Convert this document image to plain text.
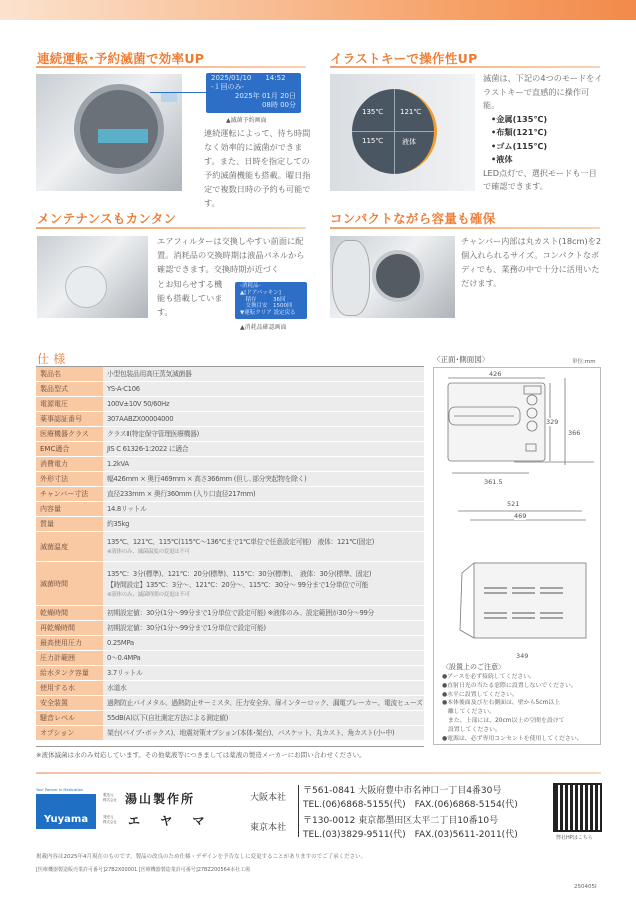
連続運転･予約滅菌で効率UP
2025/01/10　　14:52
-１回のみ-
2025年 01月 20日
08時 00分
▲滅菌予約画面
連続運転によって、待ち時間なく効率的に滅菌ができます。また、日時を指定しての予約滅菌機能も搭載。曜日指定で複数日時の予約も可能です。
イラストキーで操作性UP
135℃ 121℃
115℃	液体
滅菌は、下記の4つのモードをイラストキーで直感的に操作可能。
•金属(135℃)
•布類(121℃)
•ゴム(115℃)
•液体
LED点灯で、選択モードも一目で確認できます。
メンテナンスもカンタン
エアフィルターは交換しやすい前面に配置。消耗品の交換時期は液晶パネルから確認できます。交換時期が近づく
とお知らせする機能も搭載しています。
-消耗品-
▲[ドアパッキン]
　積存　　　36回
　交換目安　1500回
▼運転クリア 設定戻る
▲消耗品確認画面
コンパクトながら容量も確保
チャンバー内部は丸カスト(18cm)を2個入れられるサイズ。コンパクトなボディでも、業務の中で十分に活用いただけます。
仕 様
製品名	小型包装品用高圧蒸気滅菌器

製品型式	YS-A-C106

電源電圧	100V±10V 50/60Hz

薬事認証番号	307AABZX00004000

医療機器クラス	クラスⅡ(特定保守管理医療機器)

EMC適合	JIS C 61326-1:2022 に適合

消費電力	1.2kVA

外形寸法	幅426mm × 奥行469mm × 高さ366mm (但し､部分突起物を除く)

チャンバー寸法	直径233mm × 奥行360mm (入り口直径217mm)

内容量	14.8リットル

質量	約35kg

滅菌温度	135℃、121℃、115℃(115℃～136℃まで1℃単位で任意設定可能)　液体：121℃(固定)
※液体のみ、滅菌温度の変更は不可

滅菌時間	135℃：3分(標準)、121℃：20分(標準)、115℃：30分(標準)、　液体：30分(標準、固定)
【時間設定】135℃：3分～、121℃：20分～、115℃：30分～ 99分まで1分単位で可能
※液体のみ、滅菌時間の変更は不可

乾燥時間	初期設定値：30分(1分～99分まで1分単位で設定可能) ※液体のみ、設定範囲が30分～99分

再乾燥時間	初期設定値：30分(1分～99分まで1分単位で設定可能)

最高使用圧力	0.25MPa

圧力計範囲	0～0.4MPa

給水タンク容量	3.7リットル

使用する水	水道水

安全装置	過熱防止バイメタル、過熱防止サーミスタ、圧力安全弁、扉インターロック、漏電ブレーカー、電流ヒューズ

騒音レベル	55dB(A)以下(自社測定方法による測定値)

オプション	架台(パイプ･ボックス)、地震対策オプション(本体･架台)、バスケット、丸カスト、角カスト(小･中)
※液体滅菌は水のみ対応しています。その他薬液等につきましては薬液の製造メーカーにお問い合わせください。
〈正面･側面図〉	単位:mm
426
329
366
361.5
521
469
349
〈設置上のご注意〉
●アースを必ず接続してください。
●直射日光の当たる窓際に設置しないでください。
●水平に設置してください。
●本体後面及び左右側面は、壁から5cm以上
　離してください。
　また、上部には、20cm以上の空間を設けて
　設置してください。
●電源は、必ず専用コンセントを使用してください。
Your Partner in Medication
Yuyama
製造元
株式会社 湯山製作所
発売元
株式会社 エ ヤ マ
大阪本社
〒561-0841 大阪府豊中市名神口一丁目4番30号
TEL.(06)6868-5155(代)　FAX.(06)6868-5154(代)
東京本社
〒130-0012 東京都墨田区太平二丁目10番10号
TEL.(03)3829-9511(代)　FAX.(03)5611-2011(代)	弊社HPはこちら
掲載内容は2025年4月現在のものです。製品の改良のため仕様・デザインを予告なしに変更することがありますのでご了承ください。
[医療機器製造販売業許可番号]27B2X00001 [医療機器製造業許可番号]27BZ200564本社工場
250405I
